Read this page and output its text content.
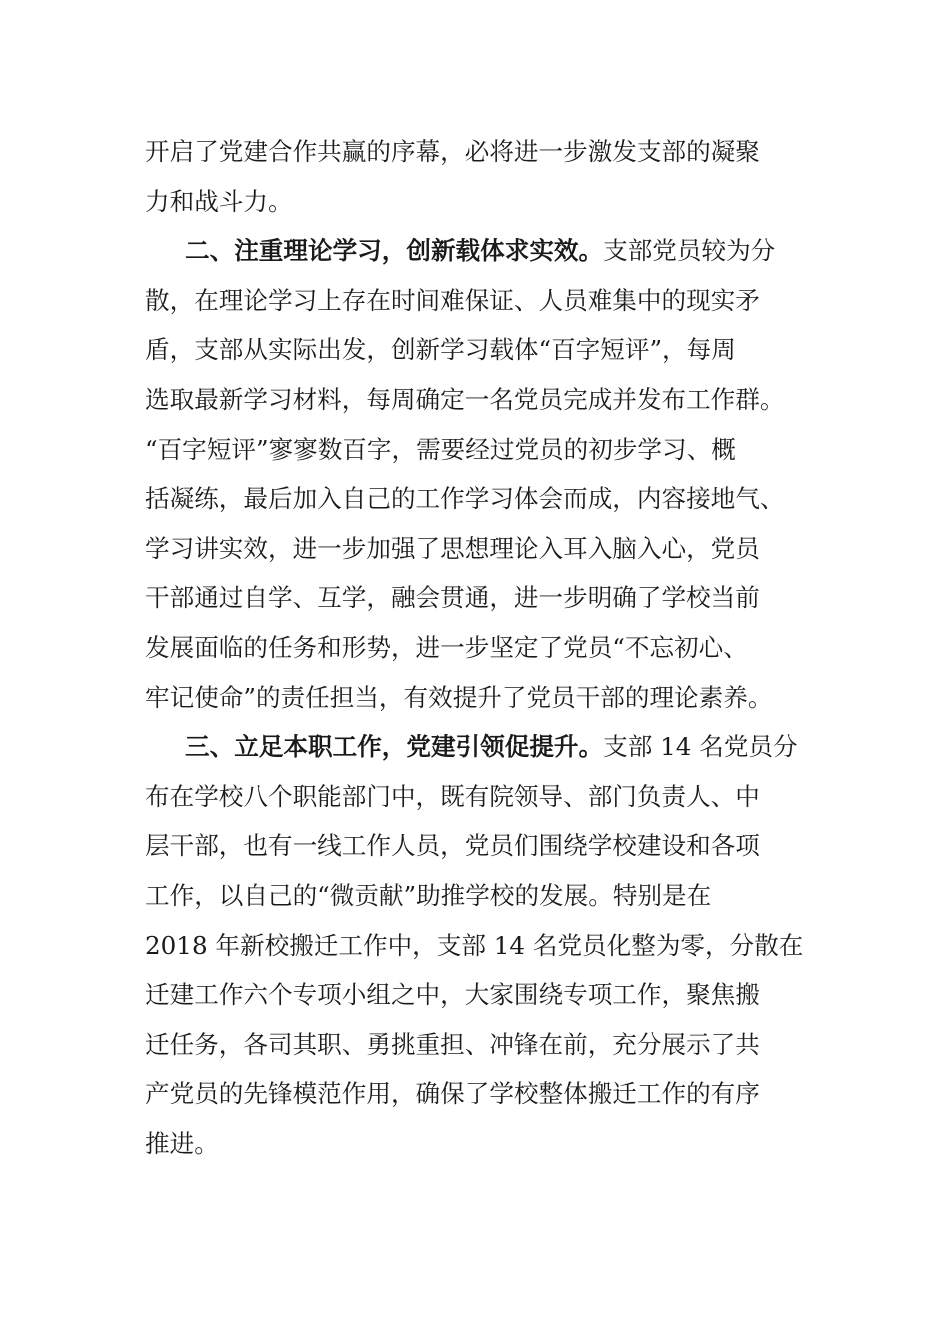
开启了党建合作共赢的序幕，必将进一步激发支部的凝聚
力和战斗力。
二、注重理论学习，创新载体求实效。支部党员较为分
散，在理论学习上存在时间难保证、人员难集中的现实矛
盾，支部从实际出发，创新学习载体“百字短评”，每周
选取最新学习材料，每周确定一名党员完成并发布工作群。
“百字短评”寥寥数百字，需要经过党员的初步学习、概
括凝练，最后加入自己的工作学习体会而成，内容接地气、
学习讲实效，进一步加强了思想理论入耳入脑入心，党员
干部通过自学、互学，融会贯通，进一步明确了学校当前
发展面临的任务和形势，进一步坚定了党员“不忘初心、
牢记使命”的责任担当，有效提升了党员干部的理论素养。
三、立足本职工作，党建引领促提升。支部 14 名党员分
布在学校八个职能部门中，既有院领导、部门负责人、中
层干部，也有一线工作人员，党员们围绕学校建设和各项
工作，以自己的“微贡献”助推学校的发展。特别是在
2018 年新校搬迁工作中，支部 14 名党员化整为零，分散在
迁建工作六个专项小组之中，大家围绕专项工作，聚焦搬
迁任务，各司其职、勇挑重担、冲锋在前，充分展示了共
产党员的先锋模范作用，确保了学校整体搬迁工作的有序
推进。
